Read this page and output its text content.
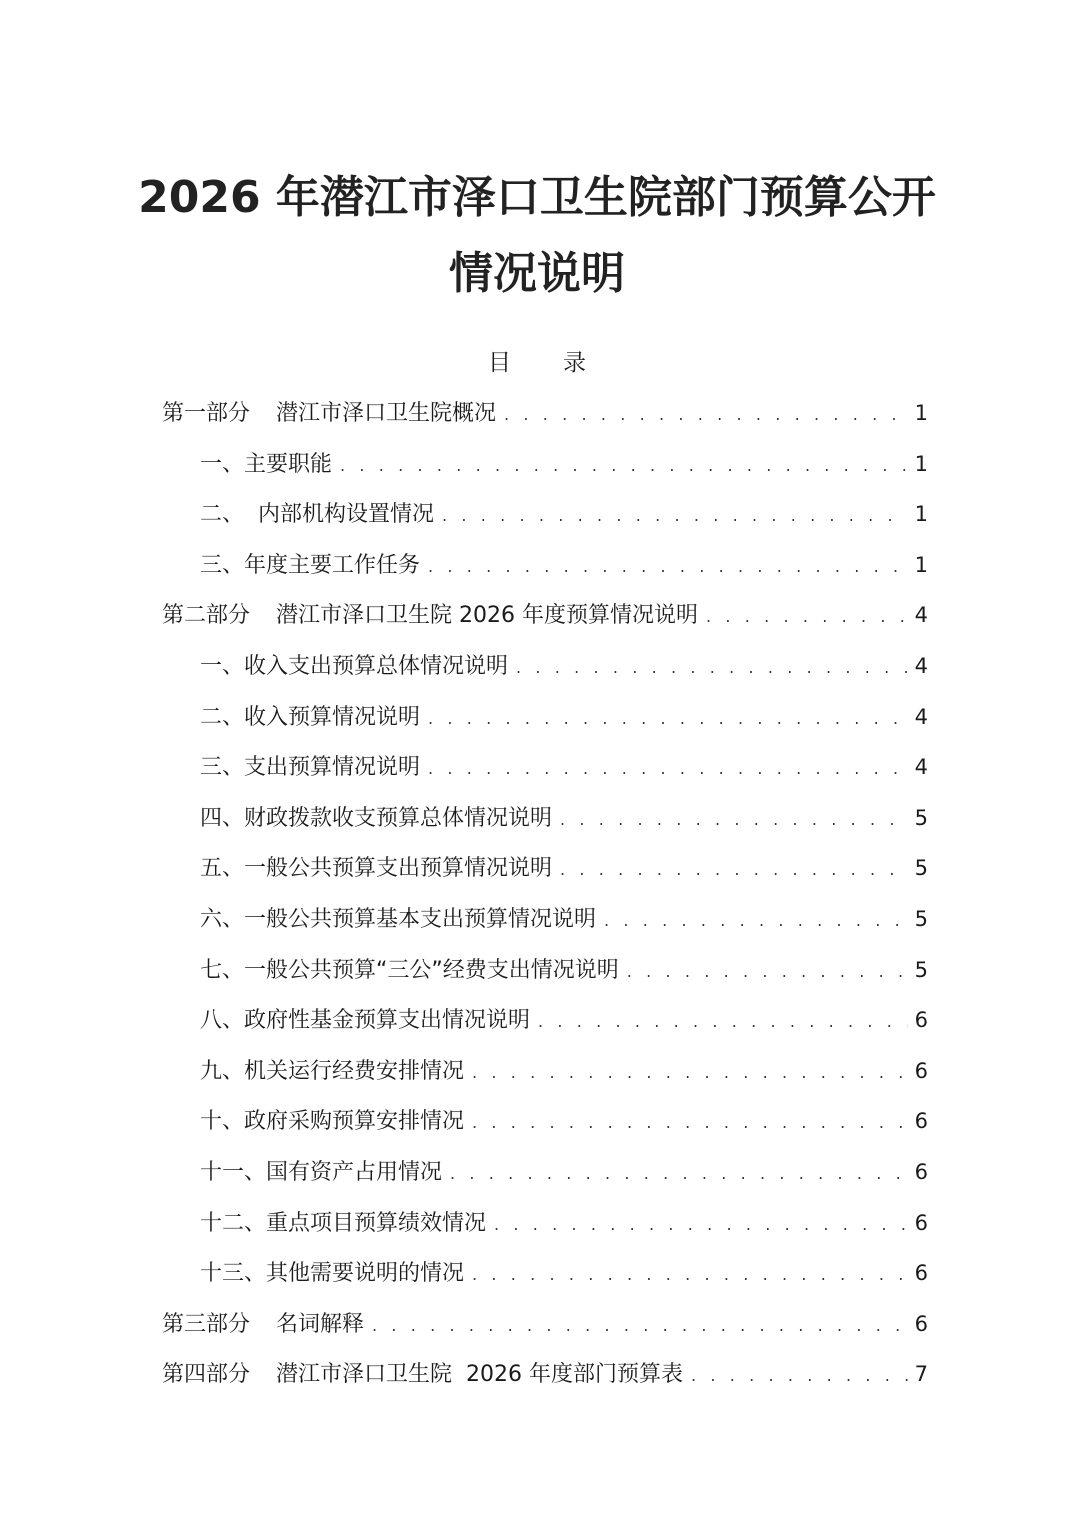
2026 年潜江市泽口卫生院部门预算公开
情况说明
目 录
第一部分 潜江市泽口卫生院概况 . . .	1
一、主要职能 . . .	1
二、  内部机构设置情况 . . .	1
三、年度主要工作任务 . . .	1
第二部分 潜江市泽口卫生院 2026 年度预算情况说明 . . .	4
一、收入支出预算总体情况说明 . . .	4
二、收入预算情况说明 . . .	4
三、支出预算情况说明 . . .	4
四、财政拨款收支预算总体情况说明 . . .	5
五、一般公共预算支出预算情况说明 . . .	5
六、一般公共预算基本支出预算情况说明 . . .	5
七、一般公共预算“三公”经费支出情况说明 . . .	5
八、政府性基金预算支出情况说明 . . .	6
九、机关运行经费安排情况 . . .	6
十、政府采购预算安排情况 . . .	6
十一、国有资产占用情况 . . .	6
十二、重点项目预算绩效情况 . . .	6
十三、其他需要说明的情况 . . .	6
第三部分 名词解释 . . .	6
第四部分 潜江市泽口卫生院  2026 年度部门预算表 . . .	7
